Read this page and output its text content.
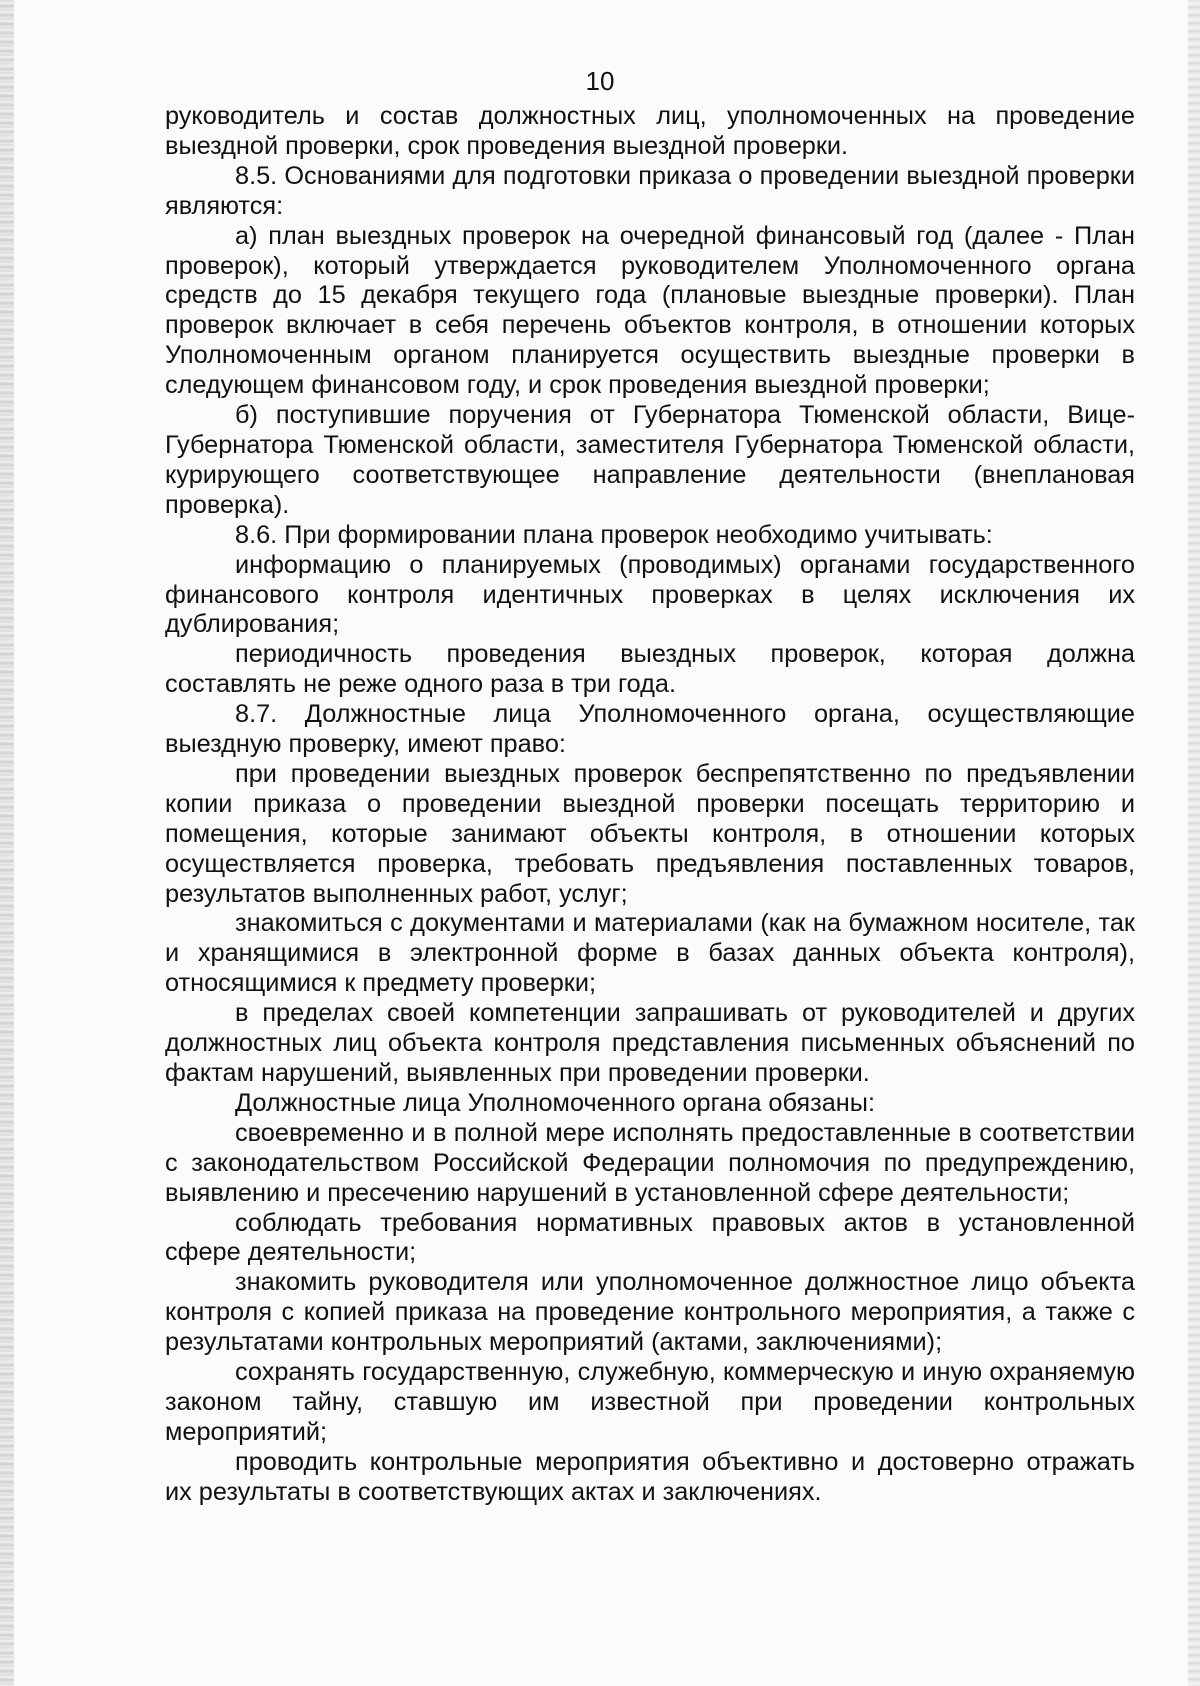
10

руководитель и состав должностных лиц, уполномоченных на проведение выездной проверки, срок проведения выездной проверки.

8.5. Основаниями для подготовки приказа о проведении выездной проверки являются:

а) план выездных проверок на очередной финансовый год (далее - План проверок), который утверждается руководителем Уполномоченного органа средств до 15 декабря текущего года (плановые выездные проверки). План проверок включает в себя перечень объектов контроля, в отношении которых Уполномоченным органом планируется осуществить выездные проверки в следующем финансовом году, и срок проведения выездной проверки;

б) поступившие поручения от Губернатора Тюменской области, Вице-Губернатора Тюменской области, заместителя Губернатора Тюменской области, курирующего соответствующее направление деятельности (внеплановая проверка).

8.6. При формировании плана проверок необходимо учитывать:

информацию о планируемых (проводимых) органами государственного финансового контроля идентичных проверках в целях исключения их дублирования;

периодичность проведения выездных проверок, которая должна составлять не реже одного раза в три года.

8.7. Должностные лица Уполномоченного органа, осуществляющие выездную проверку, имеют право:

при проведении выездных проверок беспрепятственно по предъявлении копии приказа о проведении выездной проверки посещать территорию и помещения, которые занимают объекты контроля, в отношении которых осуществляется проверка, требовать предъявления поставленных товаров, результатов выполненных работ, услуг;

знакомиться с документами и материалами (как на бумажном носителе, так и хранящимися в электронной форме в базах данных объекта контроля), относящимися к предмету проверки;

в пределах своей компетенции запрашивать от руководителей и других должностных лиц объекта контроля представления письменных объяснений по фактам нарушений, выявленных при проведении проверки.

Должностные лица Уполномоченного органа обязаны:

своевременно и в полной мере исполнять предоставленные в соответствии с законодательством Российской Федерации полномочия по предупреждению, выявлению и пресечению нарушений в установленной сфере деятельности;

соблюдать требования нормативных правовых актов в установленной сфере деятельности;

знакомить руководителя или уполномоченное должностное лицо объекта контроля с копией приказа на проведение контрольного мероприятия, а также с результатами контрольных мероприятий (актами, заключениями);

сохранять государственную, служебную, коммерческую и иную охраняемую законом тайну, ставшую им известной при проведении контрольных мероприятий;

проводить контрольные мероприятия объективно и достоверно отражать их результаты в соответствующих актах и заключениях.
